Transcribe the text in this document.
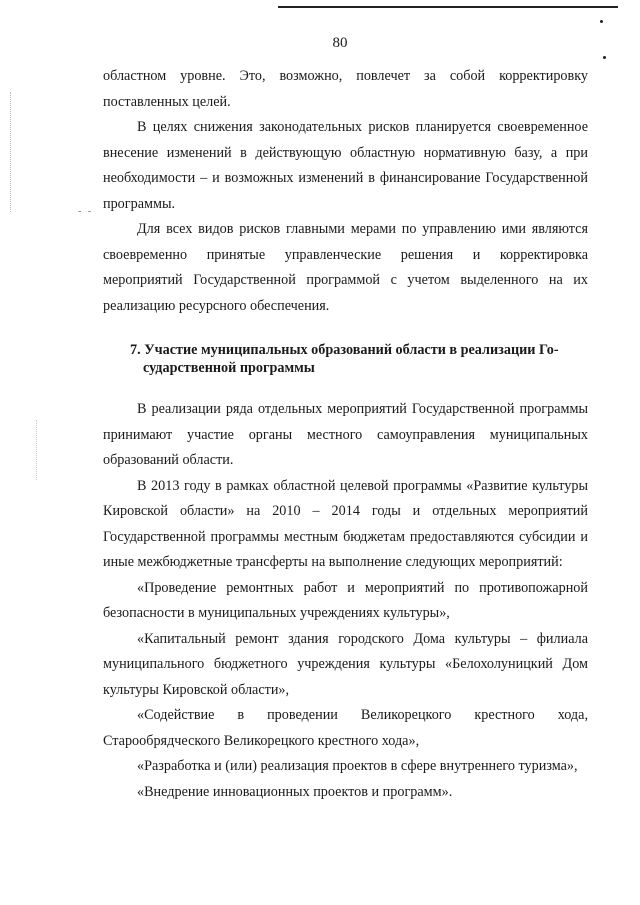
- -
80

областном уровне. Это, возможно, повлечет за собой корректировку поставленных целей.

В целях снижения законодательных рисков планируется своевременное внесение изменений в действующую областную нормативную базу, а при необходимости – и возможных изменений в финансирование Государственной программы.

Для всех видов рисков главными мерами по управлению ими являются своевременно принятые управленческие решения и корректировка мероприятий Государственной программой с учетом выделенного на их реализацию ресурсного обеспечения.

7. Участие муниципальных образований области в реализации Го-
сударственной программы

В реализации ряда отдельных мероприятий Государственной программы принимают участие органы местного самоуправления муниципальных образований области.

В 2013 году в рамках областной целевой программы «Развитие культуры Кировской области» на 2010 – 2014 годы и отдельных мероприятий Государственной программы местным бюджетам предоставляются субсидии и иные межбюджетные трансферты на выполнение следующих мероприятий:

«Проведение ремонтных работ и мероприятий по противопожарной безопасности в муниципальных учреждениях культуры»,

«Капитальный ремонт здания городского Дома культуры – филиала муниципального бюджетного учреждения культуры «Белохолуницкий Дом культуры Кировской области»,

«Содействие в проведении Великорецкого крестного хода, Старообрядческого Великорецкого крестного хода»,

«Разработка и (или) реализация проектов в сфере внутреннего туризма»,

«Внедрение инновационных проектов и программ».
